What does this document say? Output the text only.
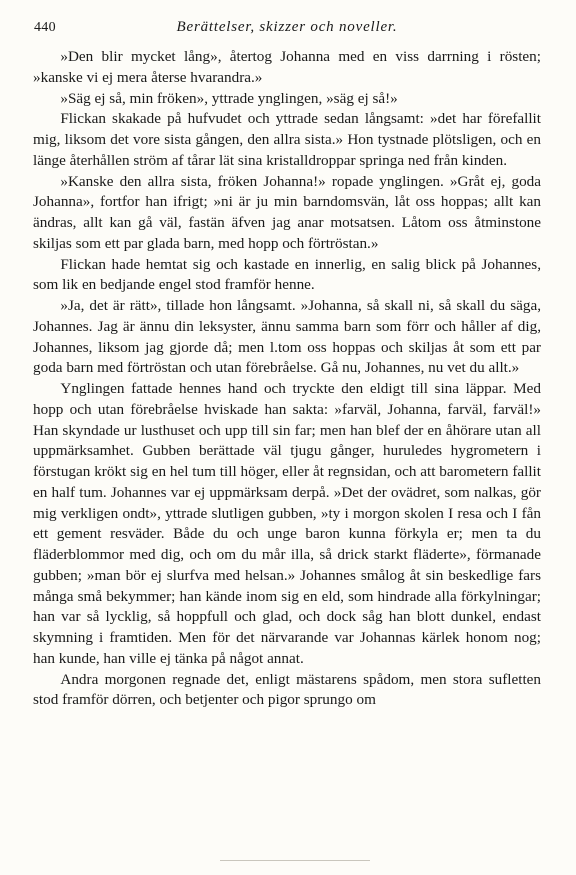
440	Berättelser, skizzer och noveller.

»Den blir mycket lång», återtog Johanna med en viss darrning i rösten; »kanske vi ej mera återse hvarandra.»

»Säg ej så, min fröken», yttrade ynglingen, »säg ej så!»

Flickan skakade på hufvudet och yttrade sedan långsamt: »det har förefallit mig, liksom det vore sista gången, den allra sista.» Hon tystnade plötsligen, och en länge återhållen ström af tårar lät sina kristalldroppar springa ned från kinden.

»Kanske den allra sista, fröken Johanna!» ropade ynglingen. »Gråt ej, goda Johanna», fortfor han ifrigt; »ni är ju min barndomsvän, låt oss hoppas; allt kan ändras, allt kan gå väl, fastän äfven jag anar motsatsen. Låtom oss åtminstone skiljas som ett par glada barn, med hopp och förtröstan.»

Flickan hade hemtat sig och kastade en innerlig, en salig blick på Johannes, som lik en bedjande engel stod framför henne.

»Ja, det är rätt», tillade hon långsamt. »Johanna, så skall ni, så skall du säga, Johannes. Jag är ännu din leksyster, ännu samma barn som förr och håller af dig, Johannes, liksom jag gjorde då; men l.tom oss hoppas och skiljas åt som ett par goda barn med förtröstan och utan förebråelse. Gå nu, Johannes, nu vet du allt.»

Ynglingen fattade hennes hand och tryckte den eldigt till sina läppar. Med hopp och utan förebråelse hviskade han sakta: »farväl, Johanna, farväl, farväl!» Han skyndade ur lusthuset och upp till sin far; men han blef der en åhörare utan all uppmärksamhet. Gubben berättade väl tjugu gånger, huruledes hygrometern i förstugan krökt sig en hel tum till höger, eller åt regnsidan, och att barometern fallit en half tum. Johannes var ej uppmärksam derpå. »Det der ovädret, som nalkas, gör mig verkligen ondt», yttrade slutligen gubben, »ty i morgon skolen I resa och I fån ett gement resväder. Både du och unge baron kunna förkyla er; men ta du fläderblommor med dig, och om du mår illa, så drick starkt fläderte», förmanade gubben; »man bör ej slurfva med helsan.» Johannes smålog åt sin beskedlige fars många små bekymmer; han kände inom sig en eld, som hindrade alla förkylningar; han var så lycklig, så hoppfull och glad, och dock såg han blott dunkel, endast skymning i framtiden. Men för det närvarande var Johannas kärlek honom nog; han kunde, han ville ej tänka på något annat.

Andra morgonen regnade det, enligt mästarens spådom, men stora sufletten stod framför dörren, och betjenter och pigor sprungo om
